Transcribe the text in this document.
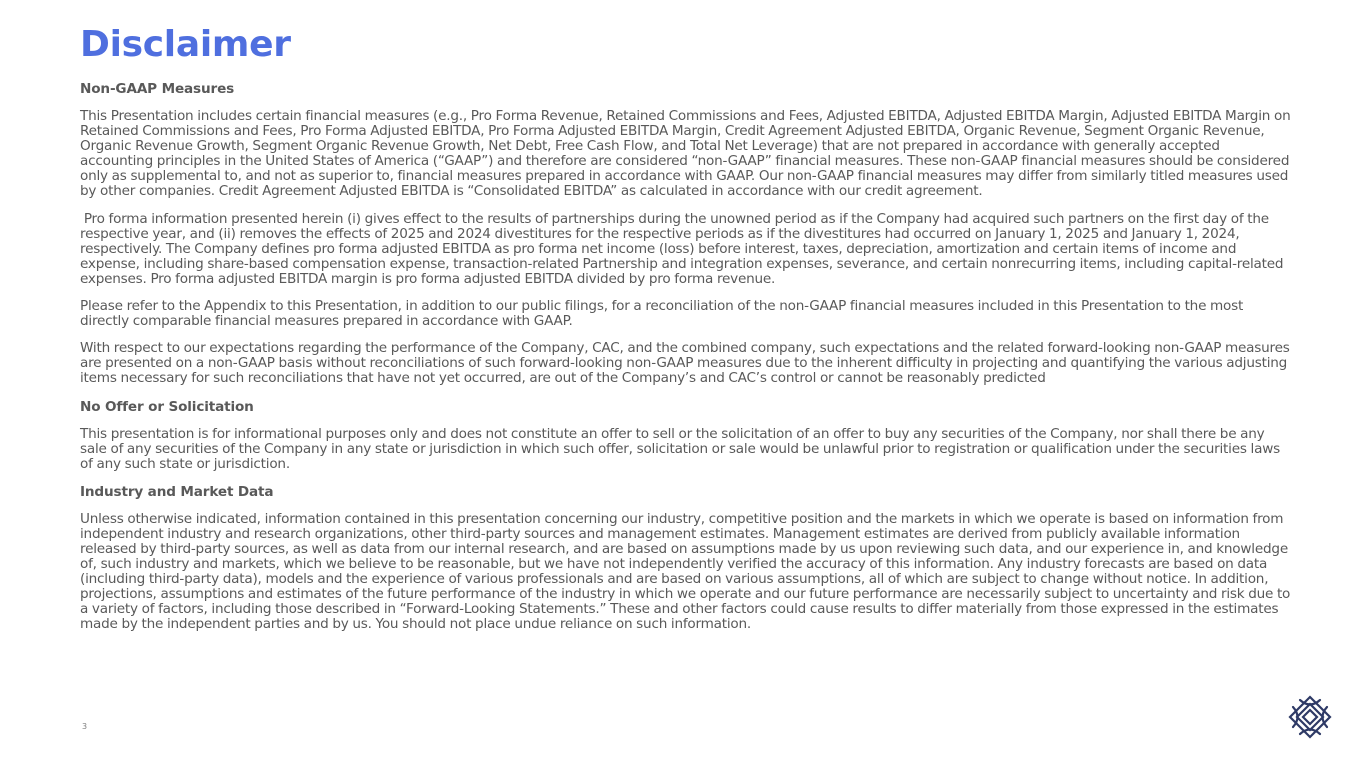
Disclaimer
Non-GAAP Measures

This Presentation includes certain financial measures (e.g., Pro Forma Revenue, Retained Commissions and Fees, Adjusted EBITDA, Adjusted EBITDA Margin, Adjusted EBITDA Margin on Retained Commissions and Fees, Pro Forma Adjusted EBITDA, Pro Forma Adjusted EBITDA Margin, Credit Agreement Adjusted EBITDA, Organic Revenue, Segment Organic Revenue, Organic Revenue Growth, Segment Organic Revenue Growth, Net Debt, Free Cash Flow, and Total Net Leverage) that are not prepared in accordance with generally accepted accounting principles in the United States of America (“GAAP”) and therefore are considered “non-GAAP” financial measures. These non-GAAP financial measures should be considered only as supplemental to, and not as superior to, financial measures prepared in accordance with GAAP. Our non-GAAP financial measures may differ from similarly titled measures used by other companies. Credit Agreement Adjusted EBITDA is “Consolidated EBITDA” as calculated in accordance with our credit agreement.

Pro forma information presented herein (i) gives effect to the results of partnerships during the unowned period as if the Company had acquired such partners on the first day of the respective year, and (ii) removes the effects of 2025 and 2024 divestitures for the respective periods as if the divestitures had occurred on January 1, 2025 and January 1, 2024, respectively. The Company defines pro forma adjusted EBITDA as pro forma net income (loss) before interest, taxes, depreciation, amortization and certain items of income and expense, including share-based compensation expense, transaction-related Partnership and integration expenses, severance, and certain nonrecurring items, including capital-related expenses. Pro forma adjusted EBITDA margin is pro forma adjusted EBITDA divided by pro forma revenue.

Please refer to the Appendix to this Presentation, in addition to our public filings, for a reconciliation of the non-GAAP financial measures included in this Presentation to the most directly comparable financial measures prepared in accordance with GAAP.

With respect to our expectations regarding the performance of the Company, CAC, and the combined company, such expectations and the related forward-looking non-GAAP measures are presented on a non-GAAP basis without reconciliations of such forward-looking non-GAAP measures due to the inherent difficulty in projecting and quantifying the various adjusting items necessary for such reconciliations that have not yet occurred, are out of the Company’s and CAC’s control or cannot be reasonably predicted

No Offer or Solicitation

This presentation is for informational purposes only and does not constitute an offer to sell or the solicitation of an offer to buy any securities of the Company, nor shall there be any sale of any securities of the Company in any state or jurisdiction in which such offer, solicitation or sale would be unlawful prior to registration or qualification under the securities laws of any such state or jurisdiction.

Industry and Market Data

Unless otherwise indicated, information contained in this presentation concerning our industry, competitive position and the markets in which we operate is based on information from independent industry and research organizations, other third-party sources and management estimates. Management estimates are derived from publicly available information released by third-party sources, as well as data from our internal research, and are based on assumptions made by us upon reviewing such data, and our experience in, and knowledge of, such industry and markets, which we believe to be reasonable, but we have not independently verified the accuracy of this information. Any industry forecasts are based on data (including third-party data), models and the experience of various professionals and are based on various assumptions, all of which are subject to change without notice. In addition, projections, assumptions and estimates of the future performance of the industry in which we operate and our future performance are necessarily subject to uncertainty and risk due to a variety of factors, including those described in “Forward-Looking Statements.” These and other factors could cause results to differ materially from those expressed in the estimates made by the independent parties and by us. You should not place undue reliance on such information.

3
